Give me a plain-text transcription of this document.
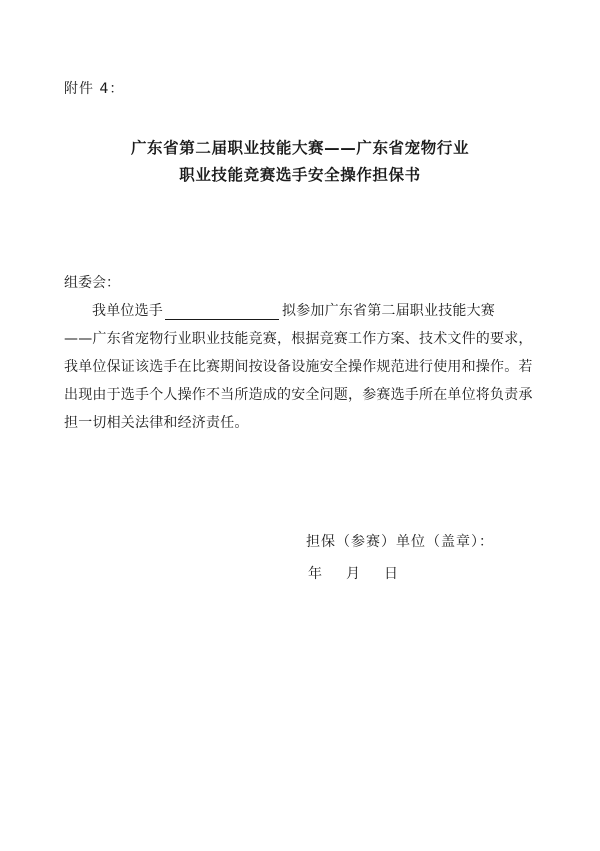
附件 4：
广东省第二届职业技能大赛——广东省宠物行业
职业技能竞赛选手安全操作担保书
组委会：
我单位选手	拟参加广东省第二届职业技能大赛
——广东省宠物行业职业技能竞赛，根据竞赛工作方案、技术文件的要求，
我单位保证该选手在比赛期间按设备设施安全操作规范进行使用和操作。若
出现由于选手个人操作不当所造成的安全问题，参赛选手所在单位将负责承
担一切相关法律和经济责任。
担保（参赛）单位（盖章）：
年 月 日
